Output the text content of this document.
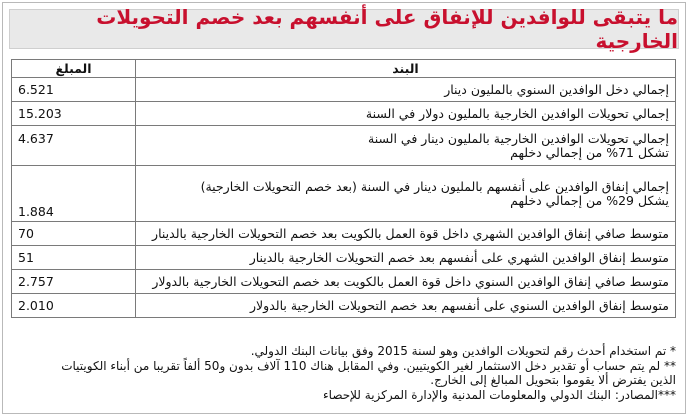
ما يتبقى للوافدين للإنفاق على أنفسهم بعد خصم التحويلات الخارجية
البند	المبلغ
إجمالي دخل الوافدين السنوي بالمليون دينار	6.521
إجمالي تحويلات الوافدين الخارجية بالمليون دولار في السنة	15.203

إجمالي تحويلات الوافدين الخارجية بالمليون دينار في السنة
تشكل 71% من إجمالي دخلهم	4.637

إجمالي إنفاق الوافدين على أنفسهم بالمليون دينار في السنة (بعد خصم التحويلات الخارجية)
يشكل 29% من إجمالي دخلهم	1.884
متوسط صافي إنفاق الوافدين الشهري داخل قوة العمل بالكويت بعد خصم التحويلات الخارجية بالدينار	70
متوسط إنفاق الوافدين الشهري على أنفسهم بعد خصم التحويلات الخارجية بالدينار	51
متوسط صافي إنفاق الوافدين السنوي داخل قوة العمل بالكويت بعد خصم التحويلات الخارجية بالدولار	2.757
متوسط إنفاق الوافدين السنوي على أنفسهم بعد خصم التحويلات الخارجية بالدولار	2.010
* تم استخدام أحدث رقم لتحويلات الوافدين وهو لسنة 2015 وفق بيانات البنك الدولي.
** لم يتم حساب أو تقدير دخل الاستثمار لغير الكويتيين. وفي المقابل هناك 110 آلاف بدون و50 ألفاً تقريبا من أبناء الكويتيات
الذين يفترض ألا يقوموا بتحويل المبالغ إلى الخارج.
***المصادر: البنك الدولي والمعلومات المدنية والإدارة المركزية للإحصاء
